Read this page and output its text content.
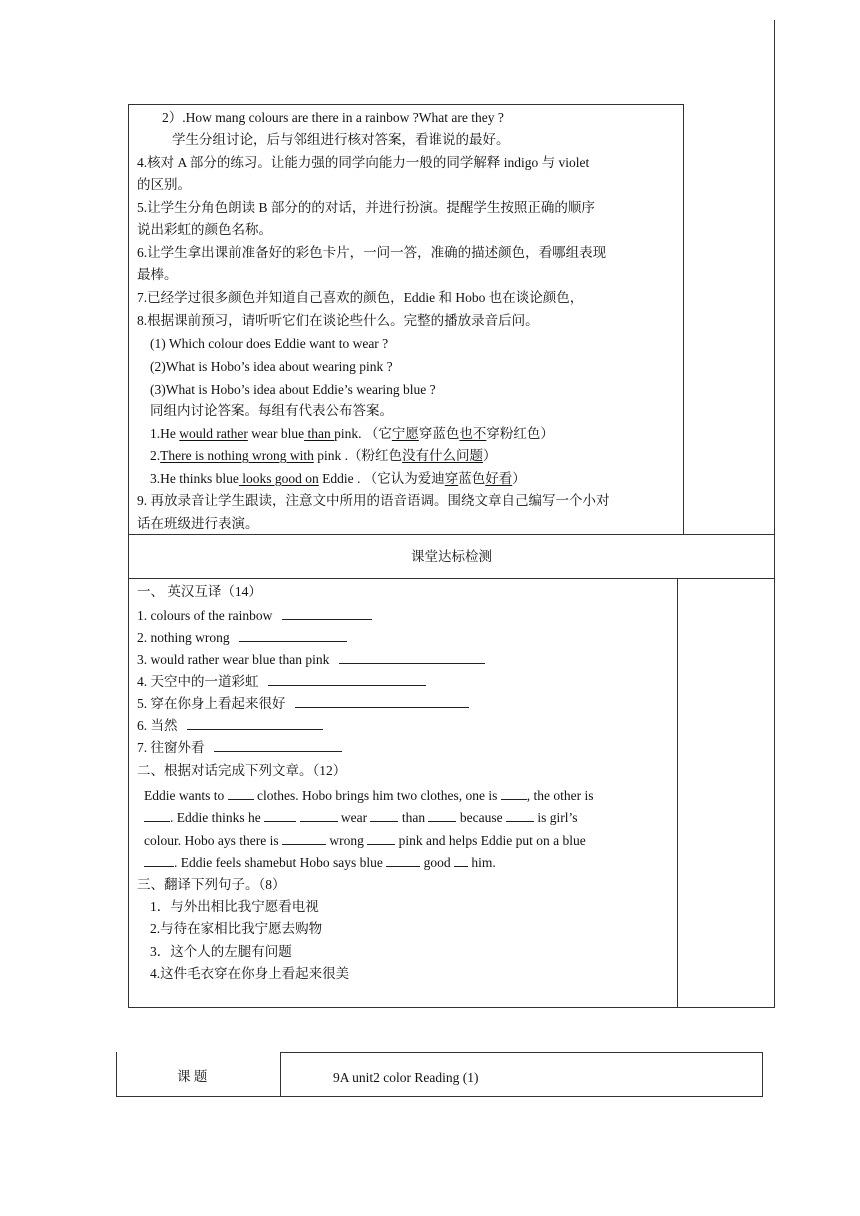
2）.How mang colours are there in a rainbow ?What are they ?
学生分组讨论，后与邻组进行核对答案，看谁说的最好。
4.核对 A 部分的练习。让能力强的同学向能力一般的同学解释 indigo 与 violet
的区别。
5.让学生分角色朗读 B 部分的的对话，并进行扮演。提醒学生按照正确的顺序
说出彩虹的颜色名称。
6.让学生拿出课前准备好的彩色卡片，一问一答，准确的描述颜色，看哪组表现
最棒。
7.已经学过很多颜色并知道自己喜欢的颜色，Eddie 和 Hobo 也在谈论颜色，
8.根据课前预习，请听听它们在谈论些什么。完整的播放录音后问。
(1) Which colour does Eddie want to wear ?
(2)What is Hobo’s idea about wearing pink ?
(3)What is Hobo’s idea about Eddie’s wearing blue ?
同组内讨论答案。每组有代表公布答案。
1.He would rather wear blue than pink. （它宁愿穿蓝色也不穿粉红色）
2.There is nothing wrong with pink .（粉红色没有什么问题）
3.He thinks blue looks good on Eddie . （它认为爱迪穿蓝色好看）
9. 再放录音让学生跟读，注意文中所用的语音语调。围绕文章自己编写一个小对
话在班级进行表演。
课堂达标检测
一、 英汉互译（14）
1. colours of the rainbow
2. nothing wrong
3. would rather wear blue than pink
4. 天空中的一道彩虹
5. 穿在你身上看起来很好
6. 当然
7. 往窗外看
二、根据对话完成下列文章。（12）
Eddie wants to  clothes. Hobo brings him two clothes, one is , the other is
. Eddie thinks he	wear  than  because  is girl’s
colour. Hobo ays there is	wrong  pink and helps Eddie put on a blue
. Eddie feels shamebut Hobo says blue	good  him.
三、翻译下列句子。（8）
1．与外出相比我宁愿看电视
2.与待在家相比我宁愿去购物
3．这个人的左腿有问题
4.这件毛衣穿在你身上看起来很美
课 题	9A unit2 color Reading (1)
